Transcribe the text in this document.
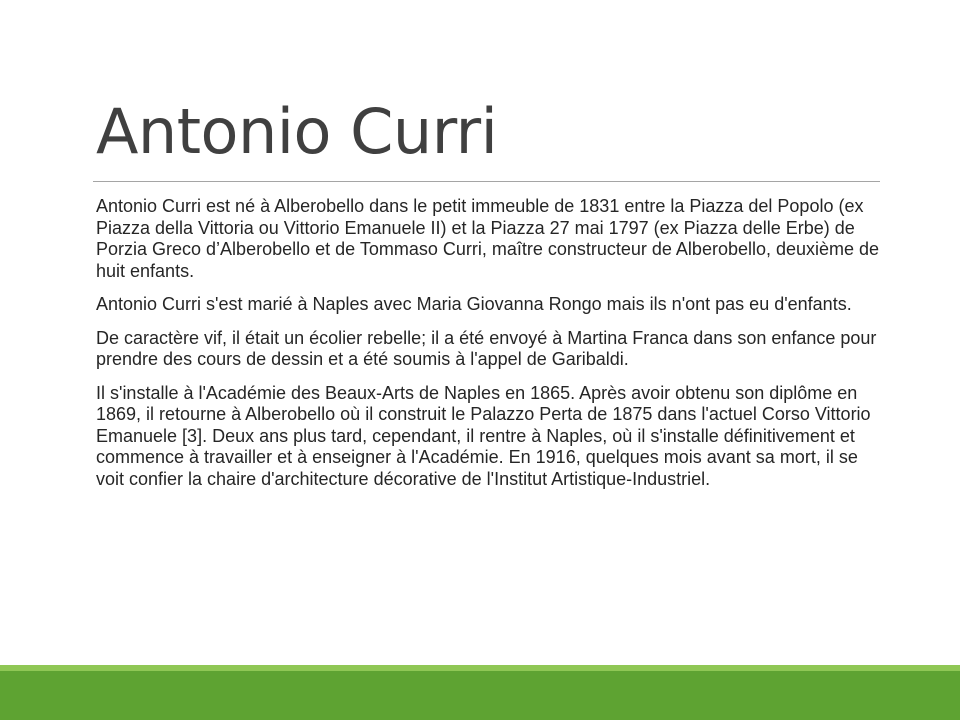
Antonio Curri

Antonio Curri est né à Alberobello dans le petit immeuble de 1831 entre la Piazza del Popolo (ex Piazza della Vittoria ou Vittorio Emanuele II) et la Piazza 27 mai 1797 (ex Piazza delle Erbe) de Porzia Greco d’Alberobello et de Tommaso Curri, maître constructeur de Alberobello, deuxième de huit enfants.

Antonio Curri s'est marié à Naples avec Maria Giovanna Rongo mais ils n'ont pas eu d'enfants.

De caractère vif, il était un écolier rebelle; il a été envoyé à Martina Franca dans son enfance pour prendre des cours de dessin et a été soumis à l'appel de Garibaldi.

Il s'installe à l'Académie des Beaux-Arts de Naples en 1865. Après avoir obtenu son diplôme en 1869, il retourne à Alberobello où il construit le Palazzo Perta de 1875 dans l'actuel Corso Vittorio Emanuele [3]. Deux ans plus tard, cependant, il rentre à Naples, où il s'installe définitivement et commence à travailler et à enseigner à l'Académie. En 1916, quelques mois avant sa mort, il se voit confier la chaire d'architecture décorative de l'Institut Artistique-Industriel.
